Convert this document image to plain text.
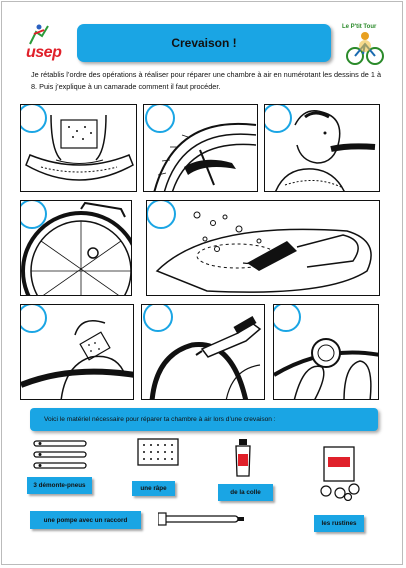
usep
Crevaison !
Le P'tit Tour
Je rétablis l’ordre des opérations à réaliser pour réparer une chambre à air en numérotant les dessins de 1 à 8. Puis j’explique à un camarade comment il faut procéder.
Voici le matériel nécessaire pour réparer ta chambre à air lors d’une crevaison :
3 démonte-pneus	une râpe
de la colle
une pompe avec un raccord	les rustines
